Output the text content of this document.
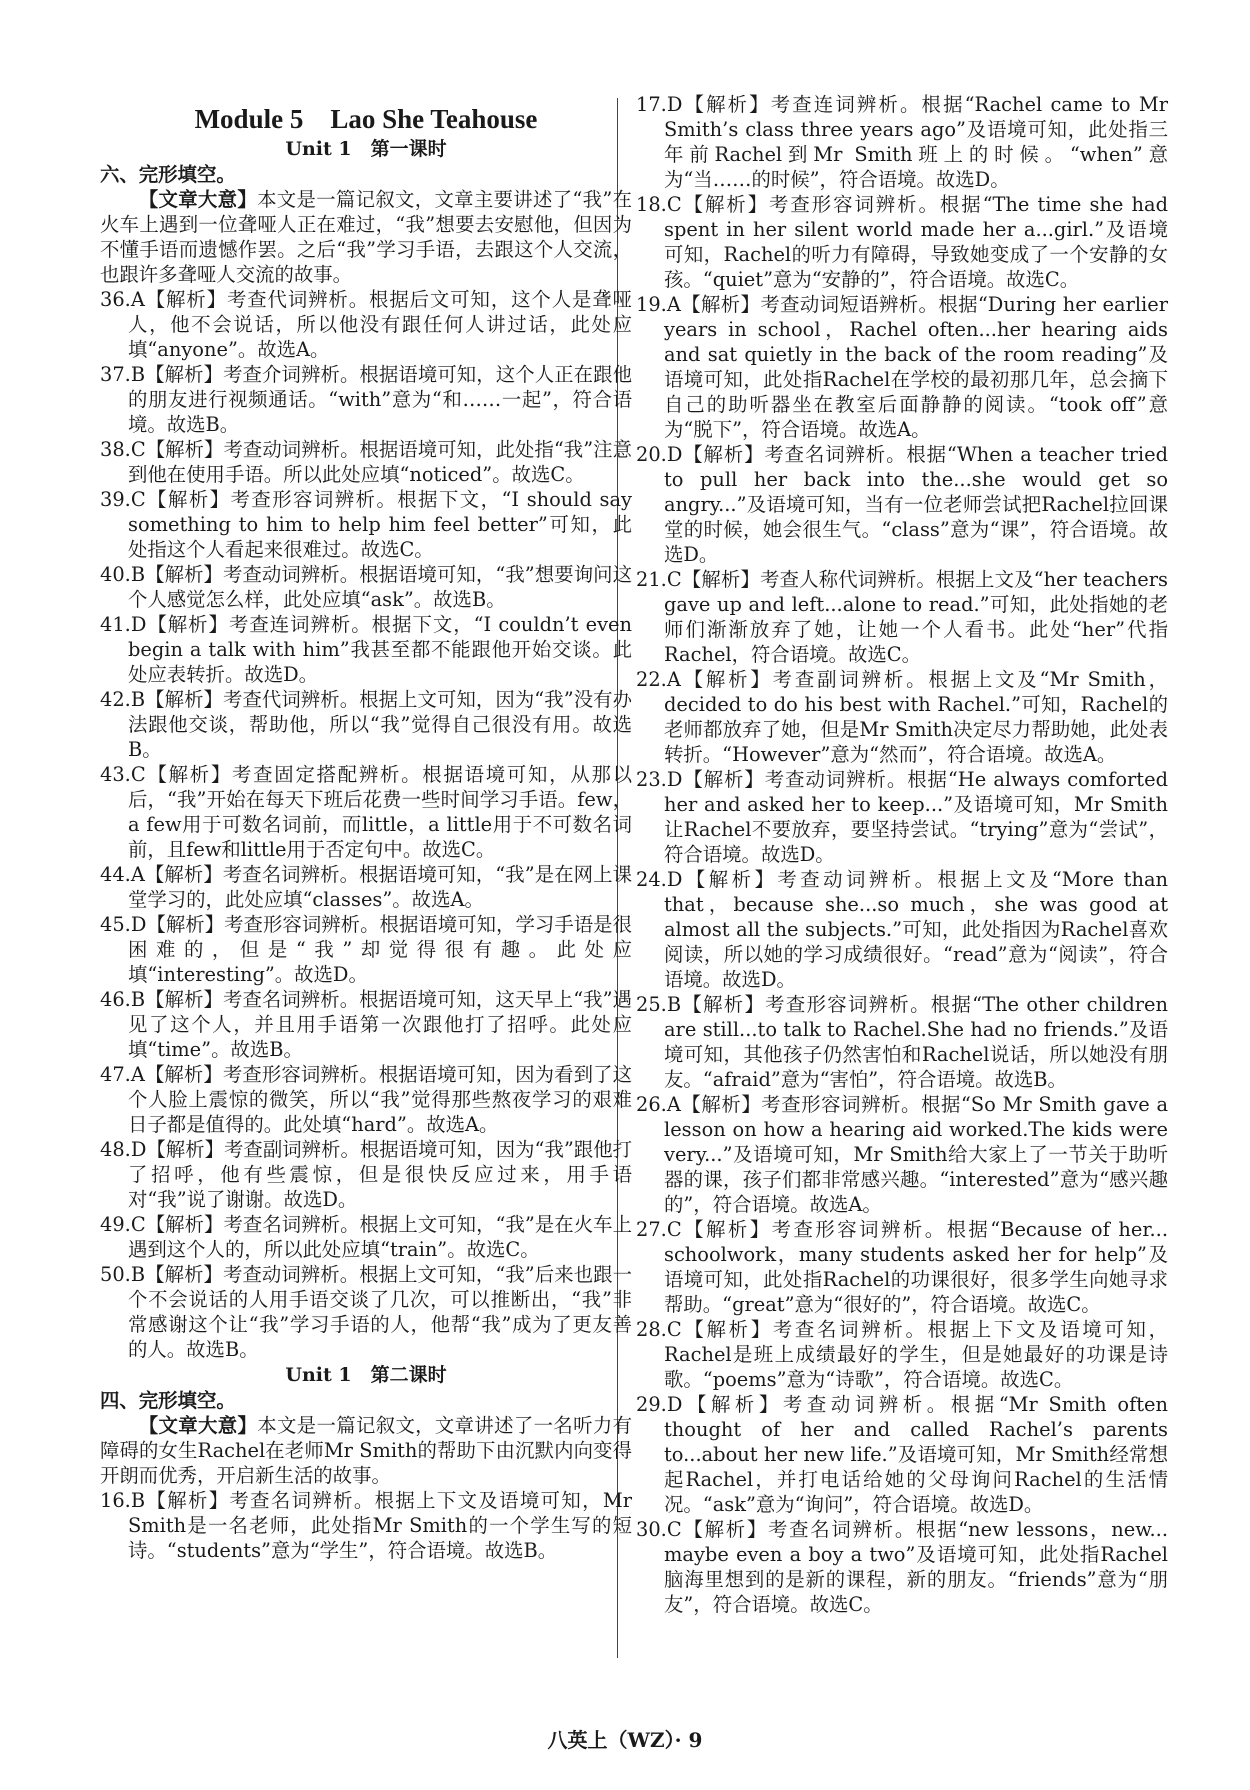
Module 5　Lao She Teahouse

Unit 1　第一课时

六、完形填空。

【文章大意】本文是一篇记叙文，文章主要讲述了“我”在火车上遇到一位聋哑人正在难过，“我”想要去安慰他，但因为不懂手语而遗憾作罢。之后“我”学习手语，去跟这个人交流，也跟许多聋哑人交流的故事。

36.A【解析】考查代词辨析。根据后文可知，这个人是聋哑人，他不会说话，所以他没有跟任何人讲过话，此处应填“anyone”。故选A。

37.B【解析】考查介词辨析。根据语境可知，这个人正在跟他的朋友进行视频通话。“with”意为“和……一起”，符合语境。故选B。

38.C【解析】考查动词辨析。根据语境可知，此处指“我”注意到他在使用手语。所以此处应填“noticed”。故选C。

39.C【解析】考查形容词辨析。根据下文，“I should say something to him to help him feel better”可知，此处指这个人看起来很难过。故选C。

40.B【解析】考查动词辨析。根据语境可知，“我”想要询问这个人感觉怎么样，此处应填“ask”。故选B。

41.D【解析】考查连词辨析。根据下文，“I couldn’t even begin a talk with him”我甚至都不能跟他开始交谈。此处应表转折。故选D。

42.B【解析】考查代词辨析。根据上文可知，因为“我”没有办法跟他交谈，帮助他，所以“我”觉得自己很没有用。故选B。

43.C【解析】考查固定搭配辨析。根据语境可知，从那以后，“我”开始在每天下班后花费一些时间学习手语。few，a few用于可数名词前，而little，a little用于不可数名词前，且few和little用于否定句中。故选C。

44.A【解析】考查名词辨析。根据语境可知，“我”是在网上课堂学习的，此处应填“classes”。故选A。

45.D【解析】考查形容词辨析。根据语境可知，学习手语是很困难的，但是“我”却觉得很有趣。此处应填“interesting”。故选D。

46.B【解析】考查名词辨析。根据语境可知，这天早上“我”遇见了这个人，并且用手语第一次跟他打了招呼。此处应填“time”。故选B。

47.A【解析】考查形容词辨析。根据语境可知，因为看到了这个人脸上震惊的微笑，所以“我”觉得那些熬夜学习的艰难日子都是值得的。此处填“hard”。故选A。

48.D【解析】考查副词辨析。根据语境可知，因为“我”跟他打了招呼，他有些震惊，但是很快反应过来，用手语对“我”说了谢谢。故选D。

49.C【解析】考查名词辨析。根据上文可知，“我”是在火车上遇到这个人的，所以此处应填“train”。故选C。

50.B【解析】考查动词辨析。根据上文可知，“我”后来也跟一个不会说话的人用手语交谈了几次，可以推断出，“我”非常感谢这个让“我”学习手语的人，他帮“我”成为了更友善的人。故选B。

Unit 1　第二课时

四、完形填空。

【文章大意】本文是一篇记叙文，文章讲述了一名听力有障碍的女生Rachel在老师Mr Smith的帮助下由沉默内向变得开朗而优秀，开启新生活的故事。

16.B【解析】考查名词辨析。根据上下文及语境可知，Mr Smith是一名老师，此处指Mr Smith的一个学生写的短诗。“students”意为“学生”，符合语境。故选B。

17.D【解析】考查连词辨析。根据“Rachel came to Mr Smith’s class three years ago”及语境可知，此处指三年前Rachel到Mr Smith班上的时候。“when”意为“当……的时候”，符合语境。故选D。

18.C【解析】考查形容词辨析。根据“The time she had spent in her silent world made her a...girl.”及语境可知，Rachel的听力有障碍，导致她变成了一个安静的女孩。“quiet”意为“安静的”，符合语境。故选C。

19.A【解析】考查动词短语辨析。根据“During her earlier years in school，Rachel often...her hearing aids and sat quietly in the back of the room reading”及语境可知，此处指Rachel在学校的最初那几年，总会摘下自己的助听器坐在教室后面静静的阅读。“took off”意为“脱下”，符合语境。故选A。

20.D【解析】考查名词辨析。根据“When a teacher tried to pull her back into the...she would get so angry...”及语境可知，当有一位老师尝试把Rachel拉回课堂的时候，她会很生气。“class”意为“课”，符合语境。故选D。

21.C【解析】考查人称代词辨析。根据上文及“her teachers gave up and left...alone to read.”可知，此处指她的老师们渐渐放弃了她，让她一个人看书。此处“her”代指Rachel，符合语境。故选C。

22.A【解析】考查副词辨析。根据上文及“Mr Smith，decided to do his best with Rachel.”可知，Rachel的老师都放弃了她，但是Mr Smith决定尽力帮助她，此处表转折。“However”意为“然而”，符合语境。故选A。

23.D【解析】考查动词辨析。根据“He always comforted her and asked her to keep...”及语境可知，Mr Smith让Rachel不要放弃，要坚持尝试。“trying”意为“尝试”，符合语境。故选D。

24.D【解析】考查动词辨析。根据上文及“More than that，because she...so much，she was good at almost all the subjects.”可知，此处指因为Rachel喜欢阅读，所以她的学习成绩很好。“read”意为“阅读”，符合语境。故选D。

25.B【解析】考查形容词辨析。根据“The other children are still...to talk to Rachel.She had no friends.”及语境可知，其他孩子仍然害怕和Rachel说话，所以她没有朋友。“afraid”意为“害怕”，符合语境。故选B。

26.A【解析】考查形容词辨析。根据“So Mr Smith gave a lesson on how a hearing aid worked.The kids were very...”及语境可知，Mr Smith给大家上了一节关于助听器的课，孩子们都非常感兴趣。“interested”意为“感兴趣的”，符合语境。故选A。

27.C【解析】考查形容词辨析。根据“Because of her... schoolwork，many students asked her for help”及语境可知，此处指Rachel的功课很好，很多学生向她寻求帮助。“great”意为“很好的”，符合语境。故选C。

28.C【解析】考查名词辨析。根据上下文及语境可知，Rachel是班上成绩最好的学生，但是她最好的功课是诗歌。“poems”意为“诗歌”，符合语境。故选C。

29.D【解析】考查动词辨析。根据“Mr Smith often thought of her and called Rachel’s parents to...about her new life.”及语境可知，Mr Smith经常想起Rachel，并打电话给她的父母询问Rachel的生活情况。“ask”意为“询问”，符合语境。故选D。

30.C【解析】考查名词辨析。根据“new lessons，new... maybe even a boy a two”及语境可知，此处指Rachel脑海里想到的是新的课程，新的朋友。“friends”意为“朋友”，符合语境。故选C。

八英上（WZ）· 9
